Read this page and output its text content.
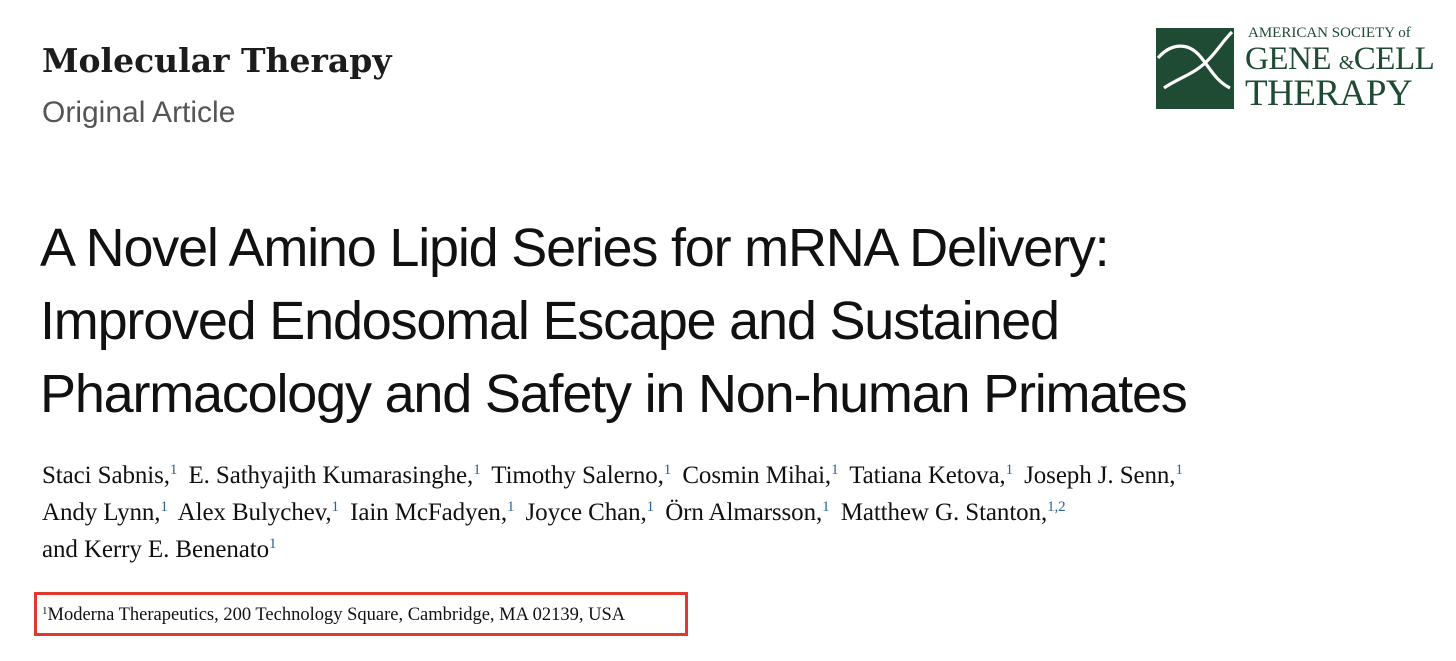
Molecular Therapy
Original Article
AMERICAN SOCIETY of
GENE &CELL
THERAPY
A Novel Amino Lipid Series for mRNA Delivery:
Improved Endosomal Escape and Sustained
Pharmacology and Safety in Non-human Primates
Staci Sabnis,$^1$ E. Sathyajith Kumarasinghe,$^1$ Timothy Salerno,$^1$ Cosmin Mihai,$^1$ Tatiana Ketova,$^1$ Joseph J. Senn,$^1$
Andy Lynn,$^1$ Alex Bulychev,$^1$ Iain McFadyen,$^1$ Joyce Chan,$^1$ Örn Almarsson,$^1$ Matthew G. Stanton,$^{1,2}$
and Kerry E. Benenato$^1$
$^1$Moderna Therapeutics, 200 Technology Square, Cambridge, MA 02139, USA
